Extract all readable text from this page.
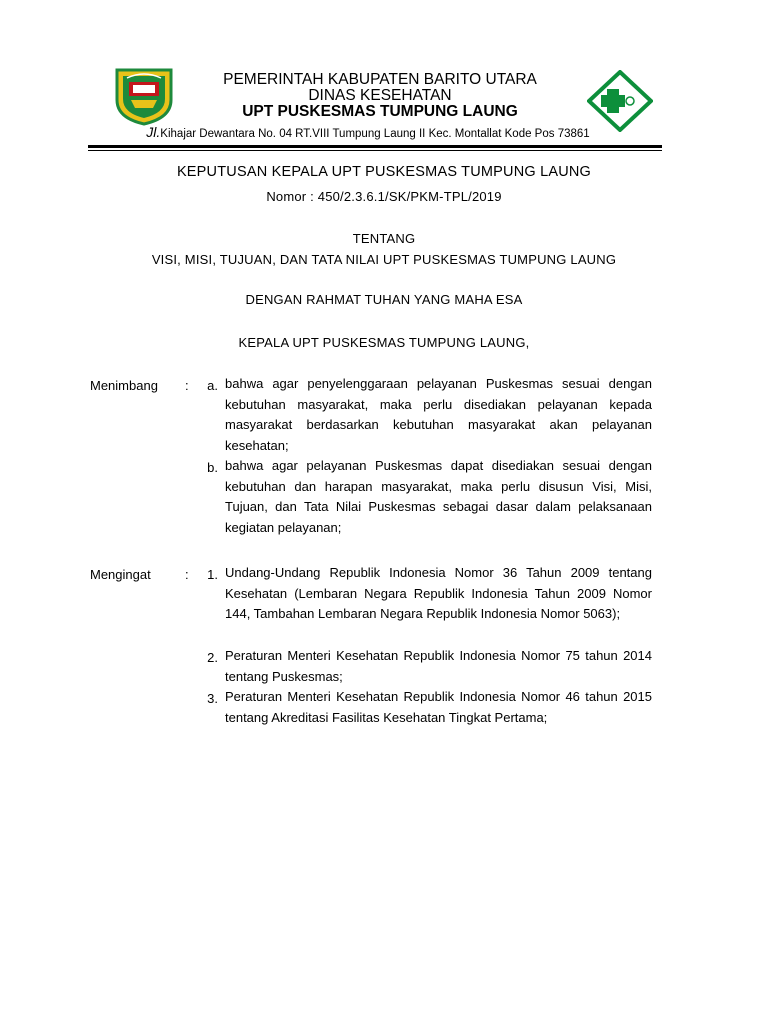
PEMERINTAH KABUPATEN BARITO UTARA
DINAS KESEHATAN
UPT PUSKESMAS TUMPUNG LAUNG
Jl.Kihajar Dewantara No. 04 RT.VIII Tumpung Laung II Kec. Montallat Kode Pos 73861
KEPUTUSAN KEPALA UPT PUSKESMAS TUMPUNG LAUNG
Nomor : 450/2.3.6.1/SK/PKM-TPL/2019
TENTANG
VISI, MISI, TUJUAN, DAN TATA NILAI UPT PUSKESMAS TUMPUNG LAUNG
DENGAN RAHMAT TUHAN YANG MAHA ESA
KEPALA UPT PUSKESMAS TUMPUNG LAUNG,
Menimbang :	a. bahwa agar penyelenggaraan pelayanan Puskesmas sesuai dengan kebutuhan masyarakat, maka perlu disediakan pelayanan kepada masyarakat berdasarkan kebutuhan masyarakat akan pelayanan kesehatan;
b. bahwa agar pelayanan Puskesmas dapat disediakan sesuai dengan kebutuhan dan harapan masyarakat, maka perlu disusun Visi, Misi, Tujuan, dan Tata Nilai Puskesmas sebagai dasar dalam pelaksanaan kegiatan pelayanan;
Mengingat	:	1. Undang-Undang Republik Indonesia Nomor 36 Tahun 2009 tentang Kesehatan (Lembaran Negara Republik Indonesia Tahun 2009 Nomor 144, Tambahan Lembaran Negara Republik Indonesia Nomor 5063);
2. Peraturan Menteri Kesehatan Republik Indonesia Nomor 75 tahun 2014 tentang Puskesmas;
3. Peraturan Menteri Kesehatan Republik Indonesia Nomor 46 tahun 2015 tentang Akreditasi Fasilitas Kesehatan Tingkat Pertama;
